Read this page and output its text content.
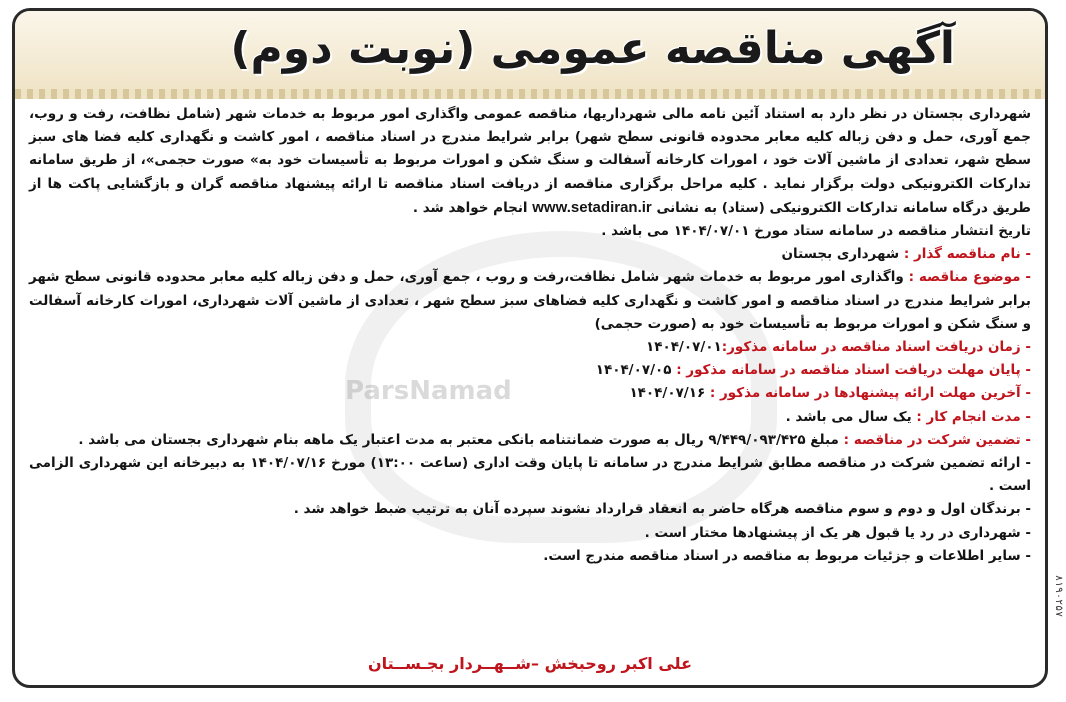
آگهی مناقصه عمومی (نوبت دوم)
ParsNamad

شهرداری بجستان در نظر دارد به استناد آئین نامه مالی شهرداریها، مناقصه عمومی واگذاری امور مربوط به خدمات شهر (شامل نظافت، رفت و روب، جمع آوری، حمل و دفن زباله کلیه معابر محدوده قانونی سطح شهر) برابر شرایط مندرج در اسناد مناقصه ، امور کاشت و نگهداری کلیه فضا های سبز سطح شهر، تعدادی از ماشین آلات خود ، امورات کارخانه آسفالت و سنگ شکن و امورات مربوط به تأسیسات خود به» صورت حجمی»، از طریق سامانه تدارکات الکترونیکی دولت برگزار نماید . کلیه مراحل برگزاری مناقصه از دریافت اسناد مناقصه تا ارائه پیشنهاد مناقصه گران و بازگشایی پاکت ها از طریق درگاه سامانه تدارکات الکترونیکی (ستاد) به نشانی www.setadiran.ir انجام خواهد شد .

تاریخ انتشار مناقصه در سامانه ستاد مورخ ۱۴۰۴/۰۷/۰۱ می باشد .

- نام مناقصه گذار : شهرداری بجستان

- موضوع مناقصه : واگذاری امور مربوط به خدمات شهر شامل نظافت،رفت و روب ، جمع آوری، حمل و دفن زباله کلیه معابر محدوده قانونی سطح شهر برابر شرایط مندرج در اسناد مناقصه و امور کاشت و نگهداری کلیه فضاهای سبز سطح شهر ، تعدادی از ماشین آلات شهرداری، امورات کارخانه آسفالت و سنگ شکن و امورات مربوط به تأسیسات خود به (صورت حجمی)

- زمان دریافت اسناد مناقصه در سامانه مذکور:۱۴۰۴/۰۷/۰۱

- پایان مهلت دریافت اسناد مناقصه در سامانه مذکور : ۱۴۰۴/۰۷/۰۵

- آخرین مهلت ارائه پیشنهادها در سامانه مذکور : ۱۴۰۴/۰۷/۱۶

- مدت انجام کار : یک سال می باشد .

- تضمین شرکت در مناقصه : مبلغ ۹/۴۴۹/۰۹۳/۴۲۵ ریال به صورت ضمانتنامه بانکی معتبر به مدت اعتبار یک ماهه بنام شهرداری بجستان می باشد .

- ارائه تضمین شرکت در مناقصه مطابق شرایط مندرج در سامانه تا پایان وقت اداری (ساعت ۱۳:۰۰) مورخ ۱۴۰۴/۰۷/۱۶ به دبیرخانه این شهرداری الزامی است .

- برندگان اول و دوم و سوم مناقصه هرگاه حاضر به انعقاد قرارداد نشوند سپرده آنان به ترتیب ضبط خواهد شد .

- شهرداری در رد یا قبول هر یک از پیشنهادها مختار است .

- سایر اطلاعات و جزئیات مربوط به مناقصه در اسناد مناقصه مندرج است.

علی اکبر روحبخش –شــهــردار بجـســتان
۸۱۹۰۲۵۷
